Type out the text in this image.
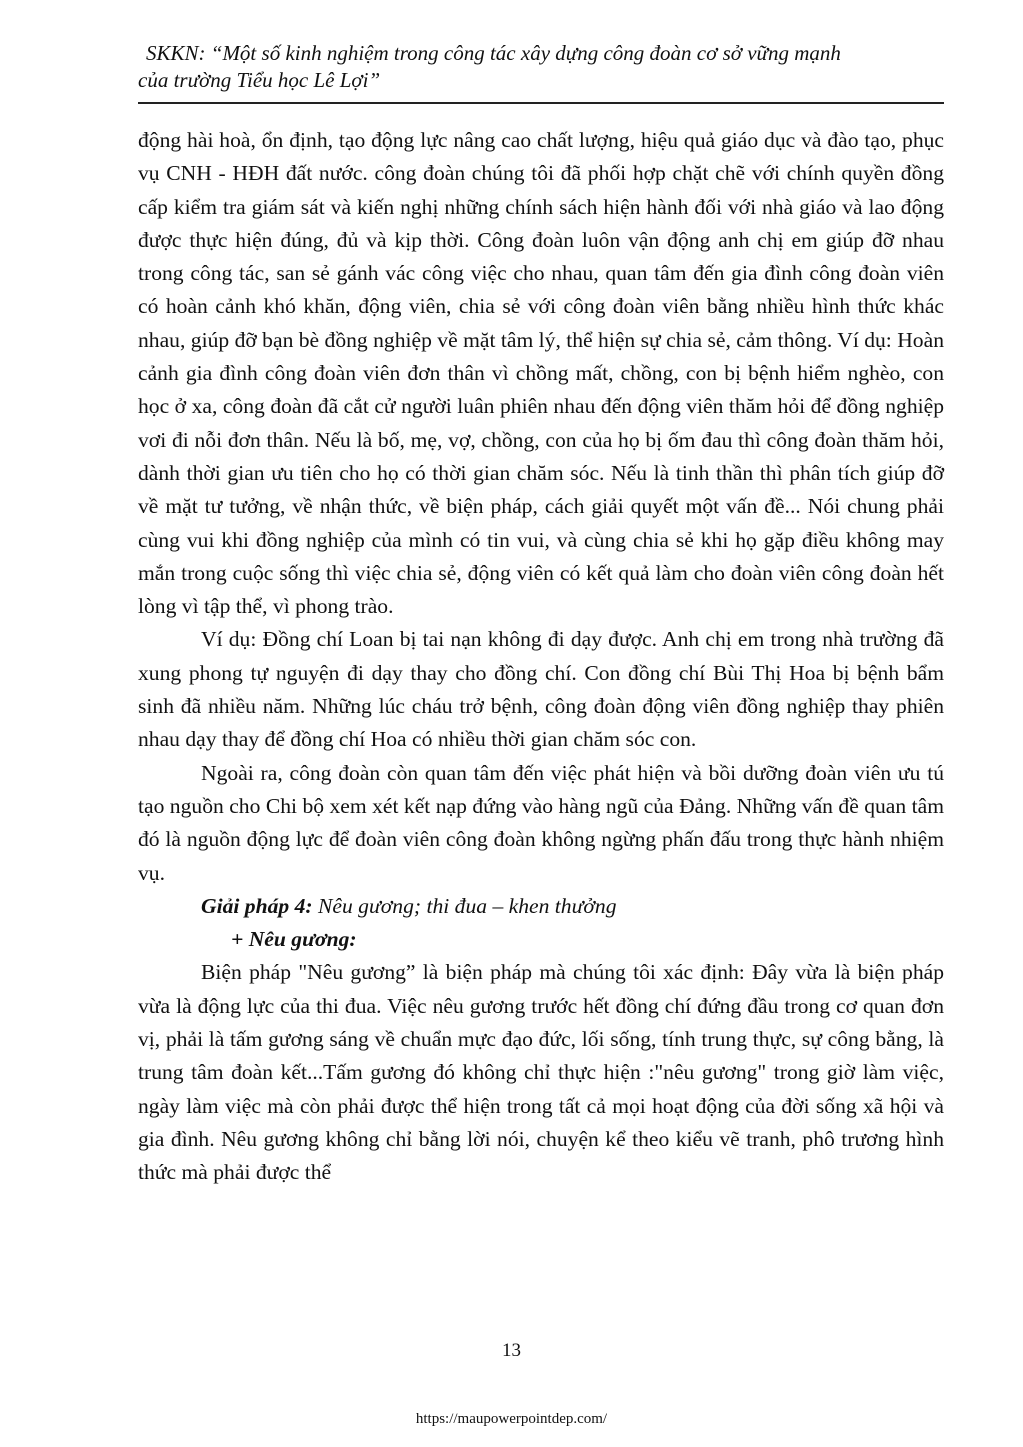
SKKN: “Một số kinh nghiệm trong công tác xây dựng công đoàn cơ sở vững mạnh
của trường Tiểu học Lê Lợi”

động hài hoà, ổn định, tạo động lực nâng cao chất lượng, hiệu quả giáo dục và đào tạo, phục vụ CNH - HĐH đất nước. công đoàn chúng tôi đã phối hợp chặt chẽ với chính quyền đồng cấp kiểm tra giám sát và kiến nghị những chính sách hiện hành đối với nhà giáo và lao động được thực hiện đúng, đủ và kịp thời. Công đoàn luôn vận động anh chị em giúp đỡ nhau trong công tác, san sẻ gánh vác công việc cho nhau, quan tâm đến gia đình công đoàn viên có hoàn cảnh khó khăn, động viên, chia sẻ với công đoàn viên bằng nhiều hình thức khác nhau, giúp đỡ bạn bè đồng nghiệp về mặt tâm lý, thể hiện sự chia sẻ, cảm thông. Ví dụ: Hoàn cảnh gia đình công đoàn viên đơn thân vì chồng mất, chồng, con bị bệnh hiểm nghèo, con học ở xa, công đoàn đã cắt cử người luân phiên nhau đến động viên thăm hỏi để đồng nghiệp vơi đi nỗi đơn thân. Nếu là bố, mẹ, vợ, chồng, con của họ bị ốm đau thì công đoàn thăm hỏi, dành thời gian ưu tiên cho họ có thời gian chăm sóc. Nếu là tinh thần thì phân tích giúp đỡ về mặt tư tưởng, về nhận thức, về biện pháp, cách giải quyết một vấn đề... Nói chung phải cùng vui khi đồng nghiệp của mình có tin vui, và cùng chia sẻ khi họ gặp điều không may mắn trong cuộc sống thì việc chia sẻ, động viên có kết quả làm cho đoàn viên công đoàn hết lòng vì tập thể, vì phong trào.

Ví dụ: Đồng chí Loan bị tai nạn không đi dạy được. Anh chị em trong nhà trường đã xung phong tự nguyện đi dạy thay cho đồng chí. Con đồng chí Bùi Thị Hoa bị bệnh bẩm sinh đã nhiều năm. Những lúc cháu trở bệnh, công đoàn động viên đồng nghiệp thay phiên nhau dạy thay để đồng chí Hoa có nhiều thời gian chăm sóc con.

Ngoài ra, công đoàn còn quan tâm đến việc phát hiện và bồi dưỡng đoàn viên ưu tú tạo nguồn cho Chi bộ xem xét kết nạp đứng vào hàng ngũ của Đảng. Những vấn đề quan tâm đó là nguồn động lực để đoàn viên công đoàn không ngừng phấn đấu trong thực hành nhiệm vụ.

Giải pháp 4: Nêu gương; thi đua – khen thưởng

+ Nêu gương:

Biện pháp "Nêu gương” là biện pháp mà chúng tôi xác định: Đây vừa là biện pháp vừa là động lực của thi đua. Việc nêu gương trước hết đồng chí đứng đầu trong cơ quan đơn vị, phải là tấm gương sáng về chuẩn mực đạo đức, lối sống, tính trung thực, sự công bằng, là trung tâm đoàn kết...Tấm gương đó không chỉ thực hiện :"nêu gương" trong giờ làm việc, ngày làm việc mà còn phải được thể hiện trong tất cả mọi hoạt động của đời sống xã hội và gia đình. Nêu gương không chỉ bằng lời nói, chuyện kể theo kiểu vẽ tranh, phô trương hình thức mà phải được thể

13
https://maupowerpointdep.com/
